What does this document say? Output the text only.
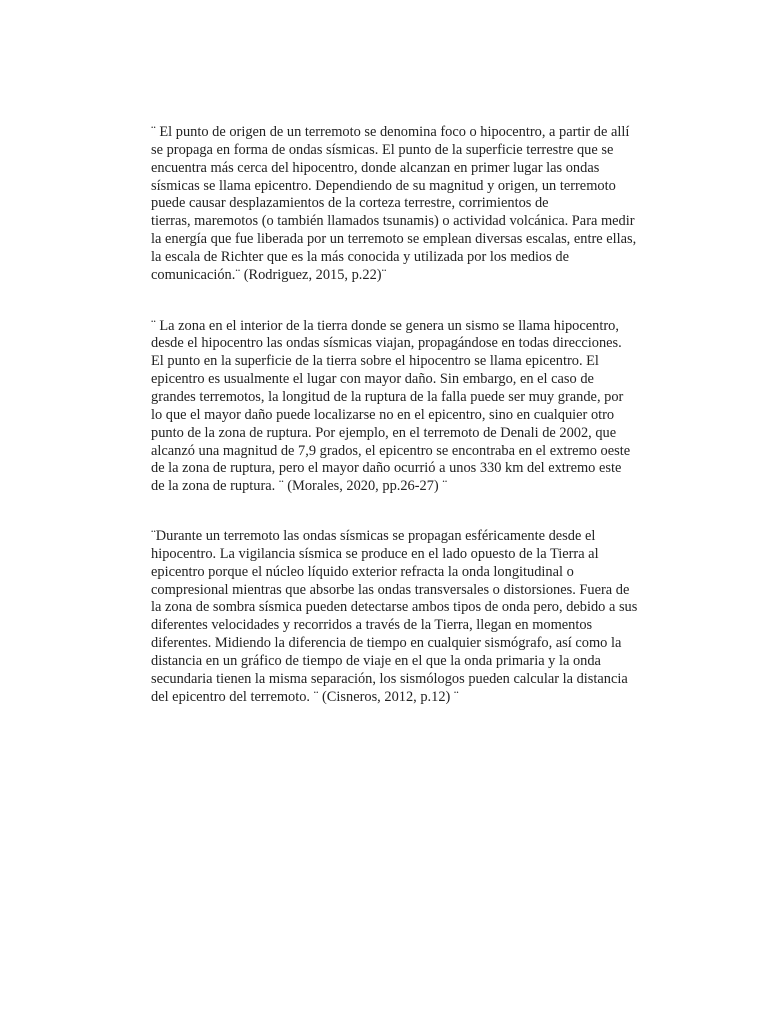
¨ El punto de origen de un terremoto se denomina foco o hipocentro, a partir de allí
se propaga en forma de ondas sísmicas. El punto de la superficie terrestre que se
encuentra más cerca del hipocentro, donde alcanzan en primer lugar las ondas
sísmicas se llama epicentro. Dependiendo de su magnitud y origen, un terremoto
puede causar desplazamientos de la corteza terrestre, corrimientos de
tierras, maremotos (o también llamados tsunamis) o actividad volcánica. Para medir
la energía que fue liberada por un terremoto se emplean diversas escalas, entre ellas,
la escala de Richter que es la más conocida y utilizada por los medios de
comunicación.¨ (Rodriguez, 2015, p.22)¨

¨ La zona en el interior de la tierra donde se genera un sismo se llama hipocentro,
desde el hipocentro las ondas sísmicas viajan, propagándose en todas direcciones.
El punto en la superficie de la tierra sobre el hipocentro se llama epicentro. El
epicentro es usualmente el lugar con mayor daño. Sin embargo, en el caso de
grandes terremotos, la longitud de la ruptura de la falla puede ser muy grande, por
lo que el mayor daño puede localizarse no en el epicentro, sino en cualquier otro
punto de la zona de ruptura. Por ejemplo, en el terremoto de Denali de 2002, que
alcanzó una magnitud de 7,9 grados, el epicentro se encontraba en el extremo oeste
de la zona de ruptura, pero el mayor daño ocurrió a unos 330 km del extremo este
de la zona de ruptura. ¨ (Morales, 2020, pp.26-27) ¨

¨Durante un terremoto las ondas sísmicas se propagan esféricamente desde el
hipocentro. La vigilancia sísmica se produce en el lado opuesto de la Tierra al
epicentro porque el núcleo líquido exterior refracta la onda longitudinal o
compresional mientras que absorbe las ondas transversales o distorsiones. Fuera de
la zona de sombra sísmica pueden detectarse ambos tipos de onda pero, debido a sus
diferentes velocidades y recorridos a través de la Tierra, llegan en momentos
diferentes. Midiendo la diferencia de tiempo en cualquier sismógrafo, así como la
distancia en un gráfico de tiempo de viaje en el que la onda primaria y la onda
secundaria tienen la misma separación, los sismólogos pueden calcular la distancia
del epicentro del terremoto. ¨ (Cisneros, 2012, p.12) ¨
